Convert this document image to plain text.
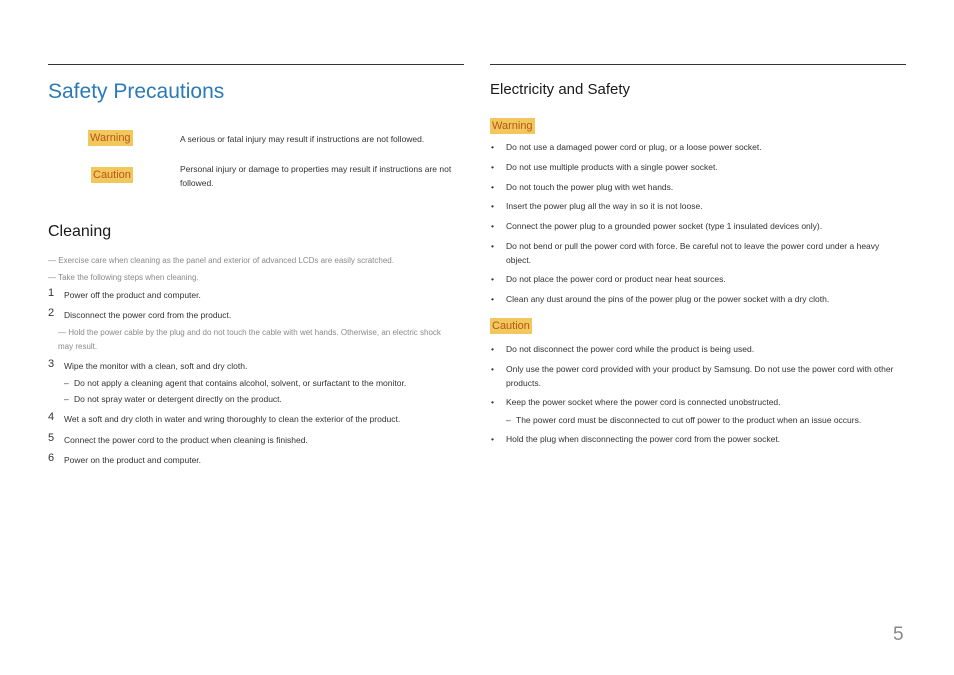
Safety Precautions
Warning	A serious or fatal injury may result if instructions are not followed.
Caution	Personal injury or damage to properties may result if instructions are not followed.
Cleaning
― Exercise care when cleaning as the panel and exterior of advanced LCDs are easily scratched.
― Take the following steps when cleaning.
1 Power off the product and computer.
2 Disconnect the power cord from the product.
― Hold the power cable by the plug and do not touch the cable with wet hands. Otherwise, an electric shock may result.
3 Wipe the monitor with a clean, soft and dry cloth.
– Do not apply a cleaning agent that contains alcohol, solvent, or surfactant to the monitor.
– Do not spray water or detergent directly on the product.
4 Wet a soft and dry cloth in water and wring thoroughly to clean the exterior of the product.
5 Connect the power cord to the product when cleaning is finished.
6 Power on the product and computer.
Electricity and Safety
Warning
• Do not use a damaged power cord or plug, or a loose power socket.
• Do not use multiple products with a single power socket.
• Do not touch the power plug with wet hands.
• Insert the power plug all the way in so it is not loose.
• Connect the power plug to a grounded power socket (type 1 insulated devices only).
• Do not bend or pull the power cord with force. Be careful not to leave the power cord under a heavy object.
• Do not place the power cord or product near heat sources.
• Clean any dust around the pins of the power plug or the power socket with a dry cloth.
Caution
• Do not disconnect the power cord while the product is being used.
• Only use the power cord provided with your product by Samsung. Do not use the power cord with other products.
• Keep the power socket where the power cord is connected unobstructed.
– The power cord must be disconnected to cut off power to the product when an issue occurs.
• Hold the plug when disconnecting the power cord from the power socket.
5
